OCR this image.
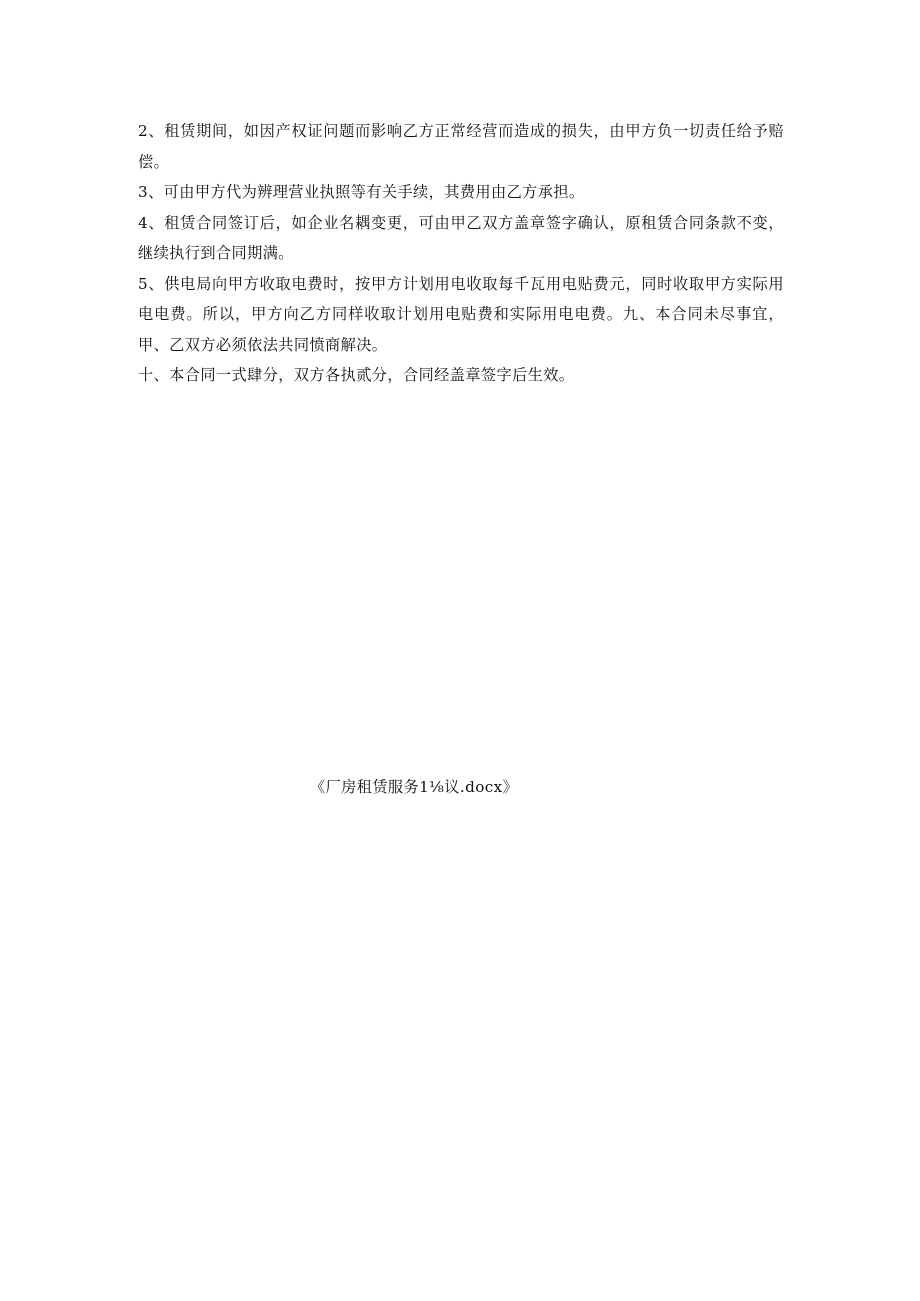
2、租赁期间，如因产权证问题而影响乙方正常经营而造成的损失，由甲方负一切责任给予赔偿。

3、可由甲方代为辨理营业执照等有关手续，其费用由乙方承担。

4、租赁合同签订后，如企业名耦变更，可由甲乙双方盖章签字确认，原租赁合同条款不变，继续执行到合同期满。

5、供电局向甲方收取电费时，按甲方计划用电收取每千瓦用电贴费元，同时收取甲方实际用电电费。所以，甲方向乙方同样收取计划用电贴费和实际用电电费。九、本合同未尽事宜，甲、乙双方必须依法共同愤商解决。

十、本合同一式肆分，双方各执贰分，合同经盖章签字后生效。

《厂房租赁服务1⅛议.docx》
